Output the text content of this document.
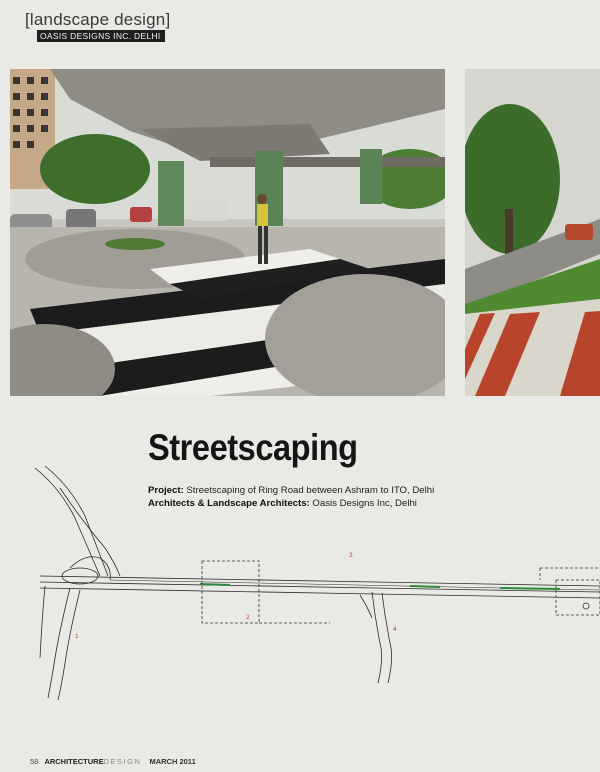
[landscape design]
OASIS DESIGNS INC. DELHI
Streetscaping
Project: Streetscaping of Ring Road between Ashram to ITO, Delhi
Architects & Landscape Architects: Oasis Designs Inc, Delhi
1
2
3
4
58 ARCHITECTUREDESIGN MARCH 2011
